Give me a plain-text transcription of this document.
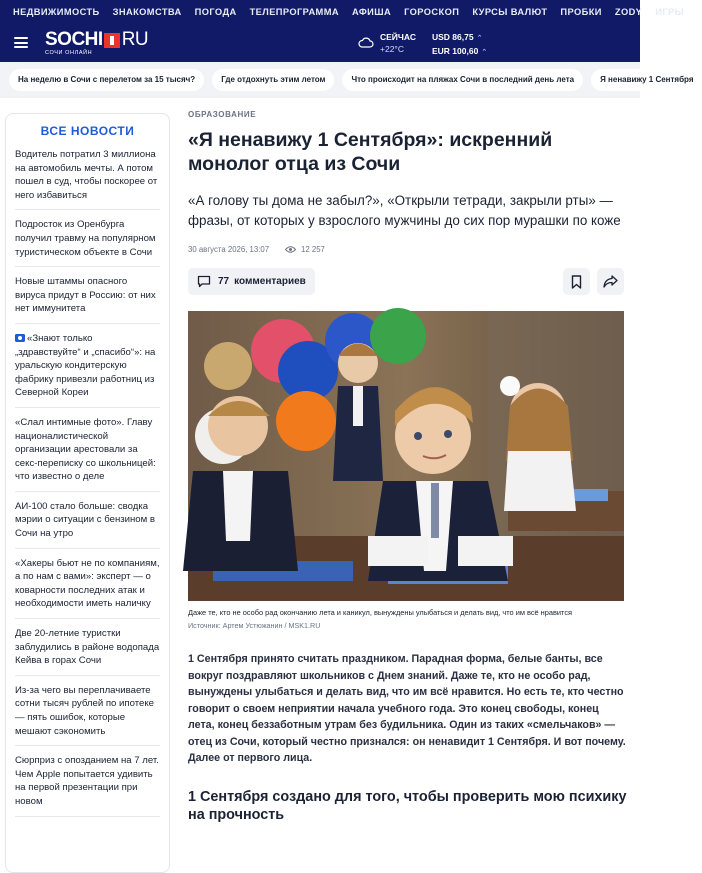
НЕДВИЖИМОСТЬ ЗНАКОМСТВА ПОГОДА ТЕЛЕПРОГРАММА АФИША ГОРОСКОП КУРСЫ ВАЛЮТ ПРОБКИ ZODY ИГРЫ
SOCHI RU
СОЧИ ОНЛАЙН
СЕЙЧАС
+22°C
USD 86,75 ⌃
EUR 100,60 ⌃
На неделю в Сочи с перелетом за 15 тысяч?	Где отдохнуть этим летом	Что происходит на пляжах Сочи в последний день лета	Я ненавижу 1 Сентября
ВСЕ НОВОСТИ
Водитель потратил 3 миллиона на автомобиль мечты. А потом пошел в суд, чтобы поскорее от него избавиться
Подросток из Оренбурга получил травму на популярном туристическом объекте в Сочи
Новые штаммы опасного вируса придут в Россию: от них нет иммунитета
«Знают только „здравствуйте“ и „спасибо“»: на уральскую кондитерскую фабрику привезли работниц из Северной Кореи
«Слал интимные фото». Главу националистической организации арестовали за секс-переписку со школьницей: что известно о деле
АИ-100 стало больше: сводка мэрии о ситуации с бензином в Сочи на утро
«Хакеры бьют не по компаниям, а по нам с вами»: эксперт — о коварности последних атак и необходимости иметь наличку
Две 20-летние туристки заблудились в районе водопада Кейва в горах Сочи
Из-за чего вы переплачиваете сотни тысяч рублей по ипотеке — пять ошибок, которые мешают сэкономить
Сюрприз с опозданием на 7 лет. Чем Apple попытается удивить на первой презентации при новом
ОБРАЗОВАНИЕ
«Я ненавижу 1 Сентября»: искренний монолог отца из Сочи

«А голову ты дома не забыл?», «Открыли тетради, закрыли рты» — фразы, от которых у взрослого мужчины до сих пор мурашки по коже

30 августа 2026, 13:07	12 257
77 комментариев
Даже те, кто не особо рад окончанию лета и каникул, вынуждены улыбаться и делать вид, что им всё нравится
Источник: Артем Устюжанин / MSK1.RU

1 Сентября принято считать праздником. Парадная форма, белые банты, все вокруг поздравляют школьников с Днем знаний. Даже те, кто не особо рад, вынуждены улыбаться и делать вид, что им всё нравится. Но есть те, кто честно говорит о своем неприятии начала учебного года. Это конец свободы, конец лета, конец беззаботным утрам без будильника. Один из таких «смельчаков» — отец из Сочи, который честно признался: он ненавидит 1 Сентября. И вот почему. Далее от первого лица.

1 Сентября создано для того, чтобы проверить мою психику на прочность
